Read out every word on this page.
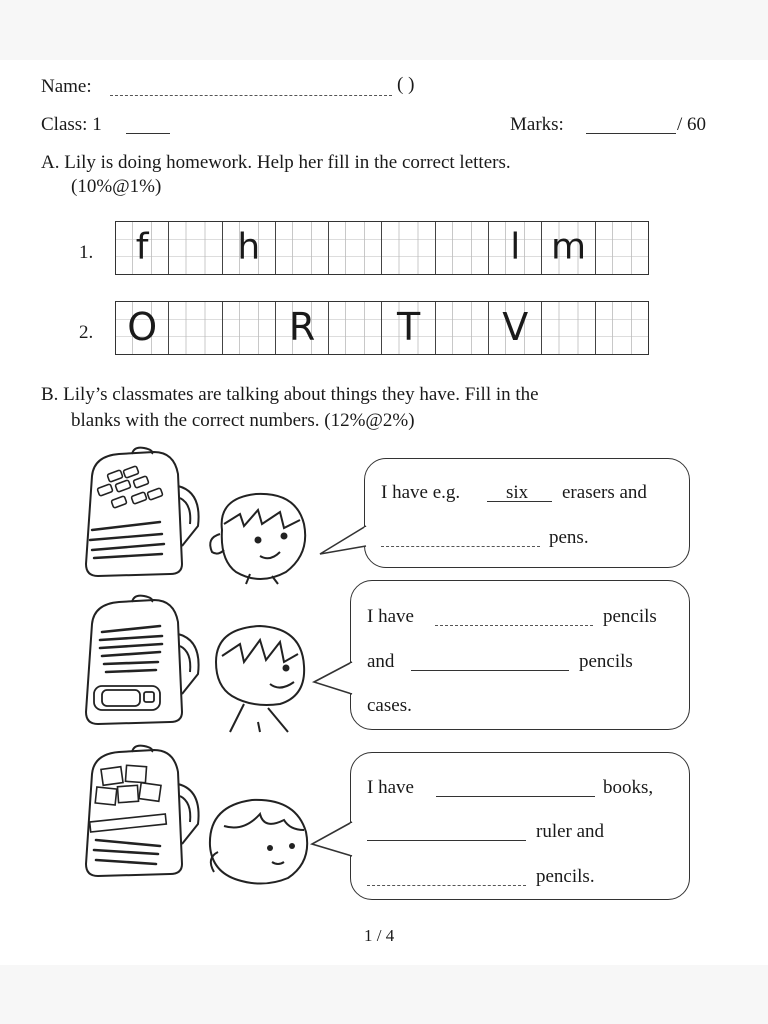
Name:	( )
Class: 1	Marks:	/ 60
A. Lily is doing homework. Help her fill in the correct letters.
(10%@1%)
1.	f	h	l m
2. O	R	T	V
B. Lily’s classmates are talking about things they have. Fill in the
blanks with the correct numbers. (12%@2%)
I have e.g. six erasers and
pens.
I have	pencils
and	pencils
cases.
I have	books,
ruler and
pencils.
1 / 4
